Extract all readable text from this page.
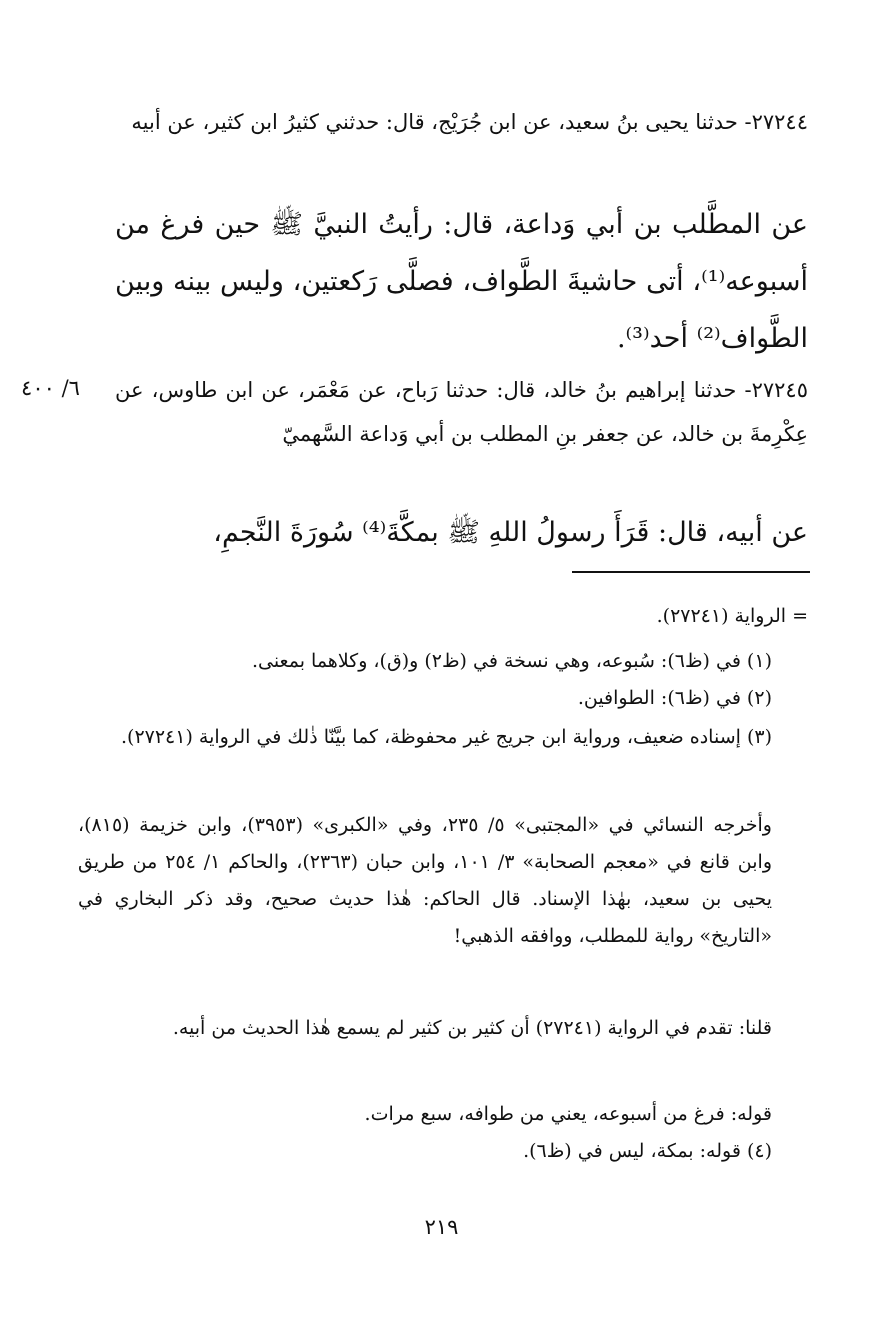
٢٧٢٤٤- حدثنا يحيى بنُ سعيد، عن ابن جُرَيْج، قال: حدثني كثيرُ ابن كثير، عن أبيه

عن المطَّلب بن أبي وَداعة، قال: رأيتُ النبيَّ ﷺ حين فرغ من أسبوعه⁽¹⁾، أتى حاشيةَ الطَّواف، فصلَّى رَكعتين، وليس بينه وبين الطَّواف⁽²⁾ أحد⁽³⁾.

٦/ ٤٠٠	٢٧٢٤٥- حدثنا إبراهيم بنُ خالد، قال: حدثنا رَباح، عن مَعْمَر، عن ابن طاوس، عن عِكْرِمةَ بن خالد، عن جعفر بنِ المطلب بن أبي وَداعة السَّهميّ

عن أبيه، قال: قَرَأَ رسولُ اللهِ ﷺ بمكَّةَ⁽⁴⁾ سُورَةَ النَّجمِ،

= الرواية (٢٧٢٤١).

(١) في (ظ٦): سُبوعه، وهي نسخة في (ظ٢) و(ق)، وكلاهما بمعنى.

(٢) في (ظ٦): الطوافين.

(٣) إسناده ضعيف، ورواية ابن جريج غير محفوظة، كما بيَّنّا ذٰلك في الرواية (٢٧٢٤١).

وأخرجه النسائي في «المجتبى» ٥/ ٢٣٥، وفي «الكبرى» (٣٩٥٣)، وابن خزيمة (٨١٥)، وابن قانع في «معجم الصحابة» ٣/ ١٠١، وابن حبان (٢٣٦٣)، والحاكم ١/ ٢٥٤ من طريق يحيى بن سعيد، بهٰذا الإسناد. قال الحاكم: هٰذا حديث صحيح، وقد ذكر البخاري في «التاريخ» رواية للمطلب، ووافقه الذهبي!

قلنا: تقدم في الرواية (٢٧٢٤١) أن كثير بن كثير لم يسمع هٰذا الحديث من أبيه.

قوله: فرغ من أسبوعه، يعني من طوافه، سبع مرات.

(٤) قوله: بمكة، ليس في (ظ٦).

٢١٩
